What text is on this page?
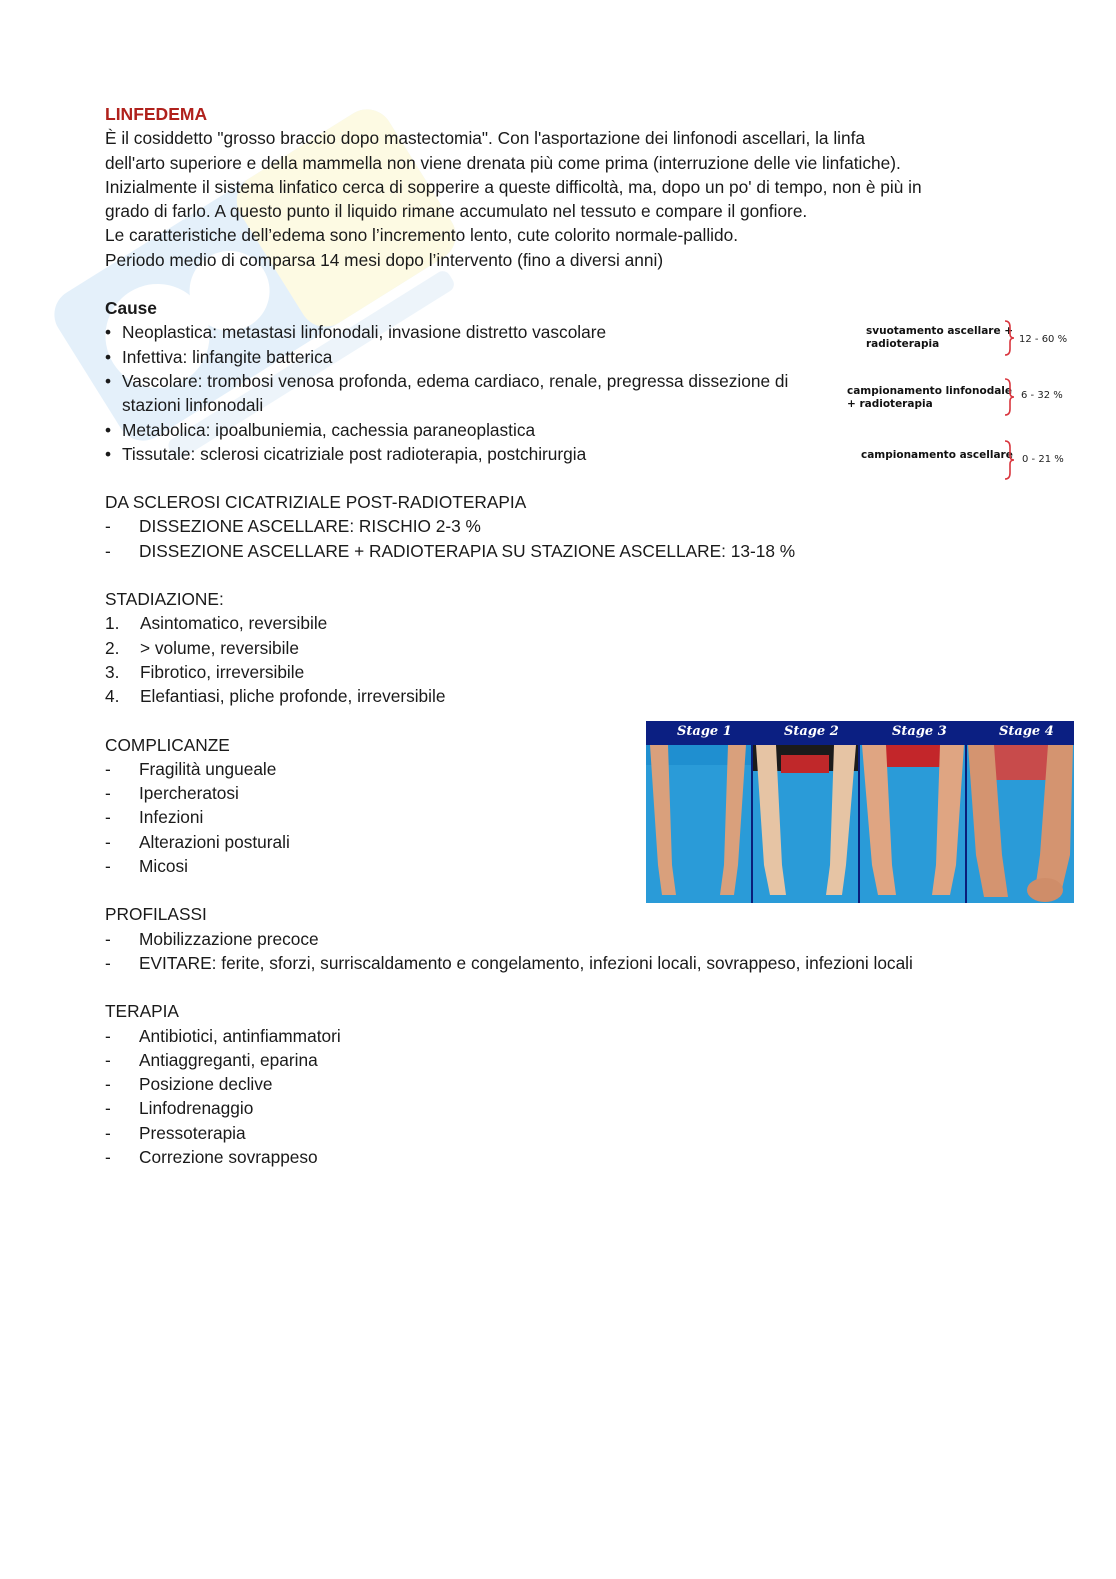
LINFEDEMA
È il cosiddetto "grosso braccio dopo mastectomia". Con l'asportazione dei linfonodi ascellari, la linfa
dell'arto superiore e della mammella non viene drenata più come prima (interruzione delle vie linfatiche).
Inizialmente il sistema linfatico cerca di sopperire a queste difficoltà, ma, dopo un po' di tempo, non è più in
grado di farlo. A questo punto il liquido rimane accumulato nel tessuto e compare il gonfiore.
Le caratteristiche dell’edema sono l’incremento lento, cute colorito normale-pallido.
Periodo medio di comparsa 14 mesi dopo l’intervento (fino a diversi anni)
Cause
• Neoplastica: metastasi linfonodali, invasione distretto vascolare
• Infettiva: linfangite batterica
• Vascolare: trombosi venosa profonda, edema cardiaco, renale, pregressa dissezione di stazioni linfonodali
• Metabolica: ipoalbuniemia, cachessia paraneoplastica
• Tissutale: sclerosi cicatriziale post radioterapia, postchirurgia
DA SCLEROSI CICATRIZIALE POST-RADIOTERAPIA
-	DISSEZIONE ASCELLARE: RISCHIO 2-3 %
-	DISSEZIONE ASCELLARE + RADIOTERAPIA SU STAZIONE ASCELLARE: 13-18 %
STADIAZIONE:
1.	Asintomatico, reversibile
2.	> volume, reversibile
3.	Fibrotico, irreversibile
4.	Elefantiasi, pliche profonde, irreversibile
COMPLICANZE
-	Fragilità ungueale
-	Ipercheratosi
-	Infezioni
-	Alterazioni posturali
-	Micosi
PROFILASSI
-	Mobilizzazione precoce
-	EVITARE: ferite, sforzi, surriscaldamento e congelamento, infezioni locali, sovrappeso, infezioni locali
TERAPIA
-	Antibiotici, antinfiammatori
-	Antiaggreganti, eparina
-	Posizione declive
-	Linfodrenaggio
-	Pressoterapia
-	Correzione sovrappeso
svuotamento ascellare +
radioterapia	12 - 60 %
campionamento linfonodale
+ radioterapia
6 - 32 %
campionamento ascellare 0 - 21 %
Stage 1	Stage 2	Stage 3	Stage 4
